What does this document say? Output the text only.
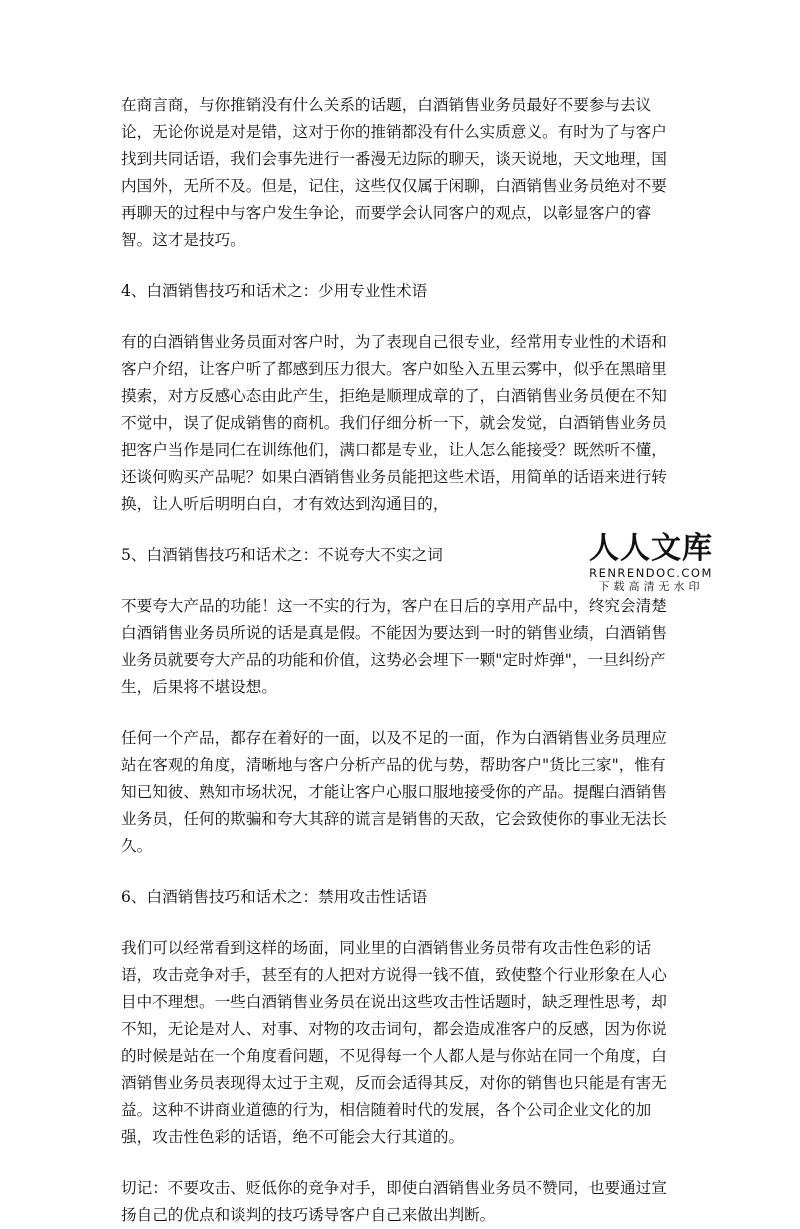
在商言商，与你推销没有什么关系的话题，白酒销售业务员最好不要参与去议论，无论你说是对是错，这对于你的推销都没有什么实质意义。有时为了与客户找到共同话语，我们会事先进行一番漫无边际的聊天，谈天说地，天文地理，国内国外，无所不及。但是，记住，这些仅仅属于闲聊，白酒销售业务员绝对不要再聊天的过程中与客户发生争论，而要学会认同客户的观点，以彰显客户的睿智。这才是技巧。

4、白酒销售技巧和话术之：少用专业性术语

有的白酒销售业务员面对客户时，为了表现自己很专业，经常用专业性的术语和客户介绍，让客户听了都感到压力很大。客户如坠入五里云雾中，似乎在黑暗里摸索，对方反感心态由此产生，拒绝是顺理成章的了，白酒销售业务员便在不知不觉中，误了促成销售的商机。我们仔细分析一下，就会发觉，白酒销售业务员把客户当作是同仁在训练他们，满口都是专业，让人怎么能接受？既然听不懂，还谈何购买产品呢？如果白酒销售业务员能把这些术语，用简单的话语来进行转换，让人听后明明白白，才有效达到沟通目的，

5、白酒销售技巧和话术之：不说夸大不实之词

不要夸大产品的功能！这一不实的行为，客户在日后的享用产品中，终究会清楚白酒销售业务员所说的话是真是假。不能因为要达到一时的销售业绩，白酒销售业务员就要夸大产品的功能和价值，这势必会埋下一颗"定时炸弹"，一旦纠纷产生，后果将不堪设想。

任何一个产品，都存在着好的一面，以及不足的一面，作为白酒销售业务员理应站在客观的角度，清晰地与客户分析产品的优与势，帮助客户"货比三家"，惟有知已知彼、熟知市场状况，才能让客户心服口服地接受你的产品。提醒白酒销售业务员，任何的欺骗和夸大其辞的谎言是销售的天敌，它会致使你的事业无法长久。

6、白酒销售技巧和话术之：禁用攻击性话语

我们可以经常看到这样的场面，同业里的白酒销售业务员带有攻击性色彩的话语，攻击竞争对手，甚至有的人把对方说得一钱不值，致使整个行业形象在人心目中不理想。一些白酒销售业务员在说出这些攻击性话题时，缺乏理性思考，却不知，无论是对人、对事、对物的攻击词句，都会造成准客户的反感，因为你说的时候是站在一个角度看问题，不见得每一个人都人是与你站在同一个角度，白酒销售业务员表现得太过于主观，反而会适得其反，对你的销售也只能是有害无益。这种不讲商业道德的行为，相信随着时代的发展，各个公司企业文化的加强，攻击性色彩的话语，绝不可能会大行其道的。

切记：不要攻击、贬低你的竞争对手，即使白酒销售业务员不赞同，也要通过宣扬自己的优点和谈判的技巧诱导客户自己来做出判断。

人人文库
RENRENDOC.COM
下载高清无水印
